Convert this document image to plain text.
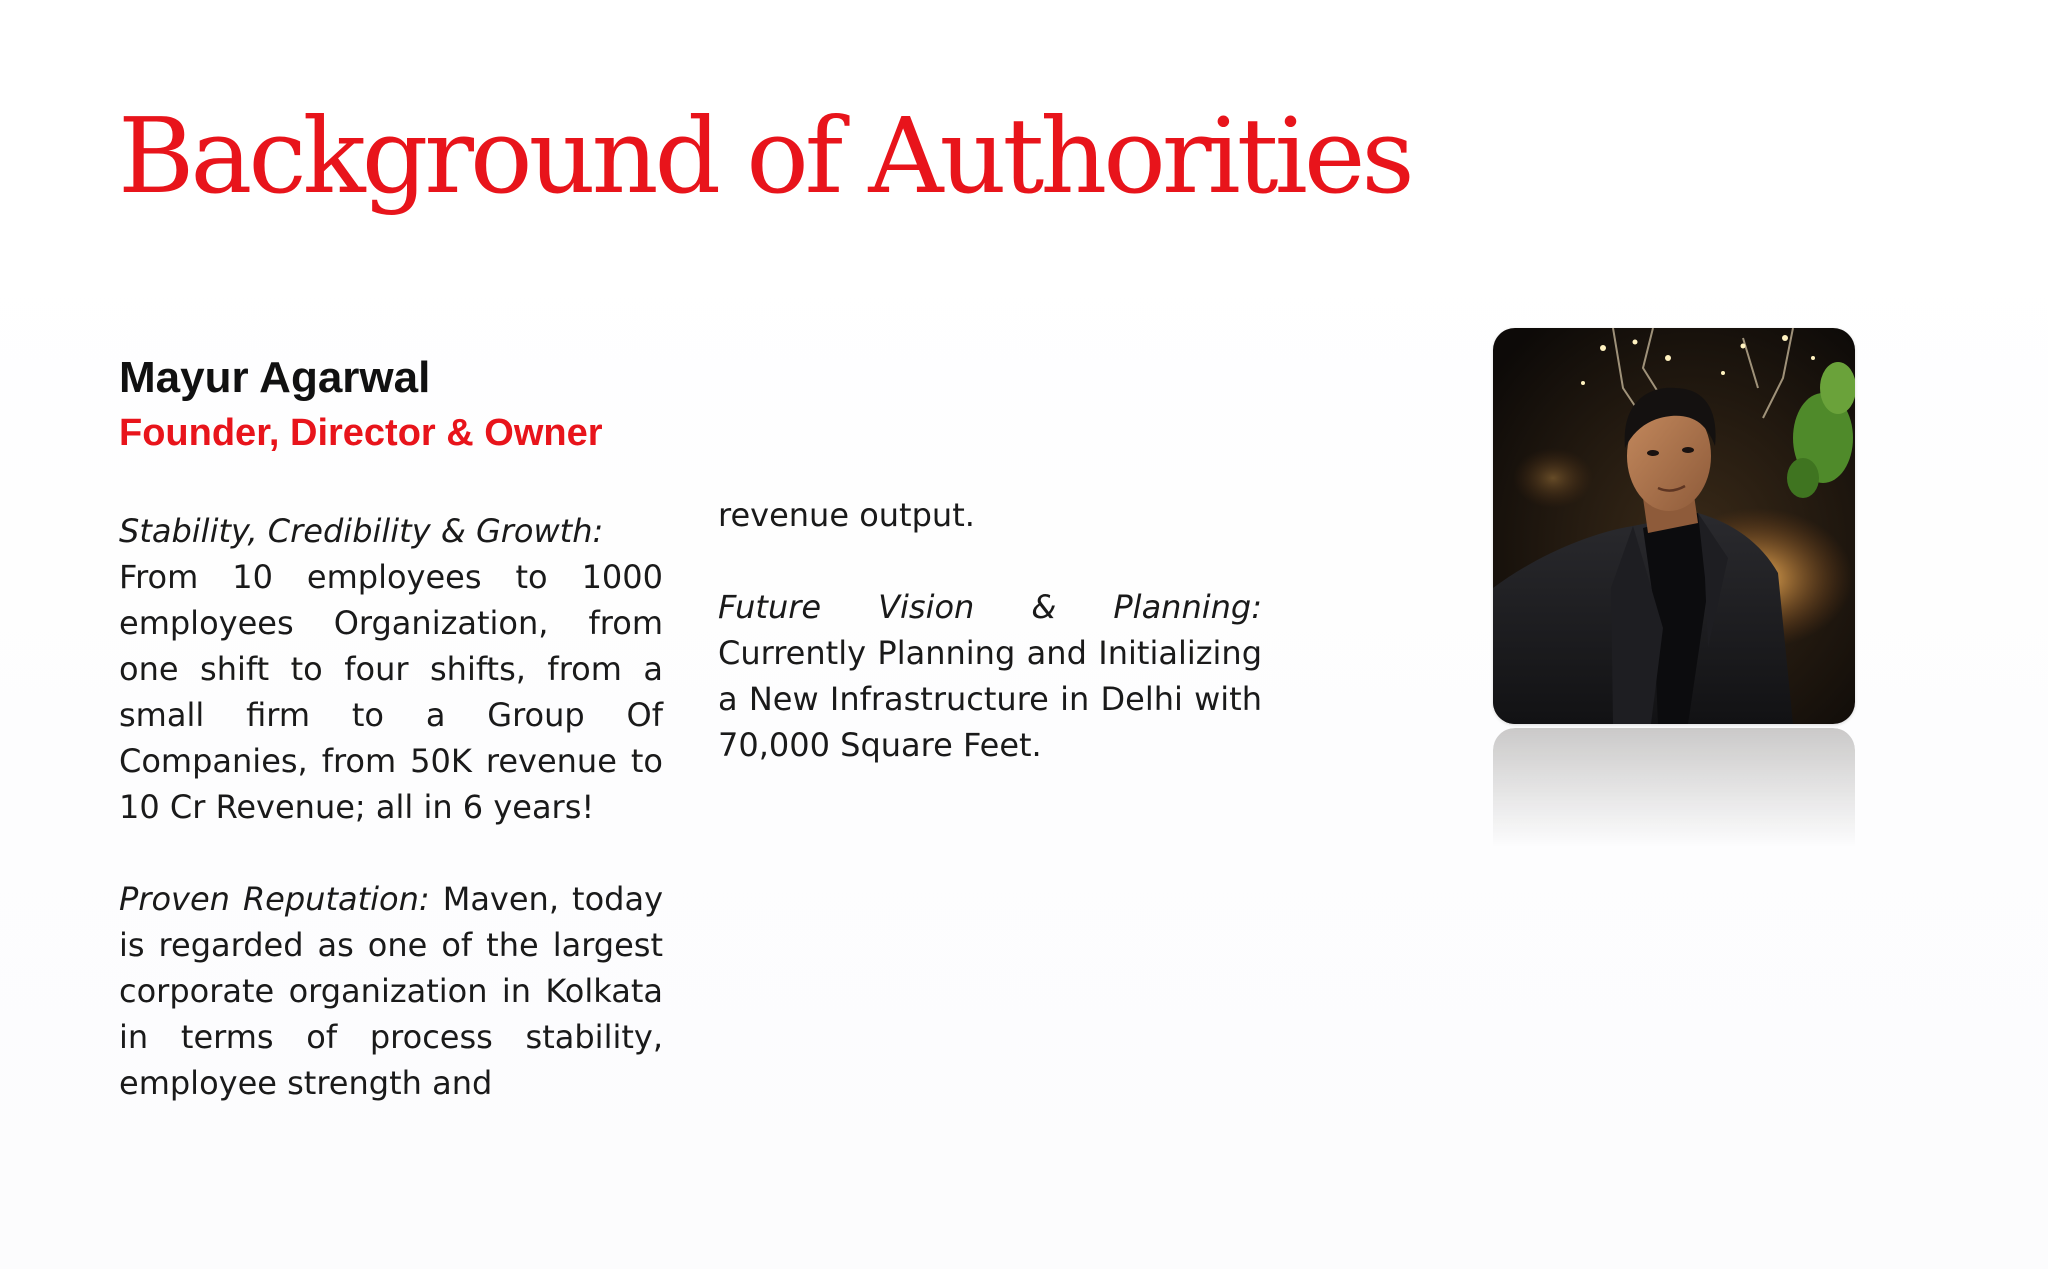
Background of Authorities
Mayur Agarwal
Founder, Director & Owner

Stability, Credibility & Growth:

From 10 employees to 1000 employees Organization, from one shift to four shifts, from a small firm to a Group Of Companies, from 50K revenue to 10 Cr Revenue; all in 6 years!

Proven Reputation: Maven, today is regarded as one of the largest corporate organization in Kolkata in terms of process stability, employee strength and

revenue output.

Future Vision & Planning:

Currently Planning and Initializing a New Infrastructure in Delhi with 70,000 Square Feet.
